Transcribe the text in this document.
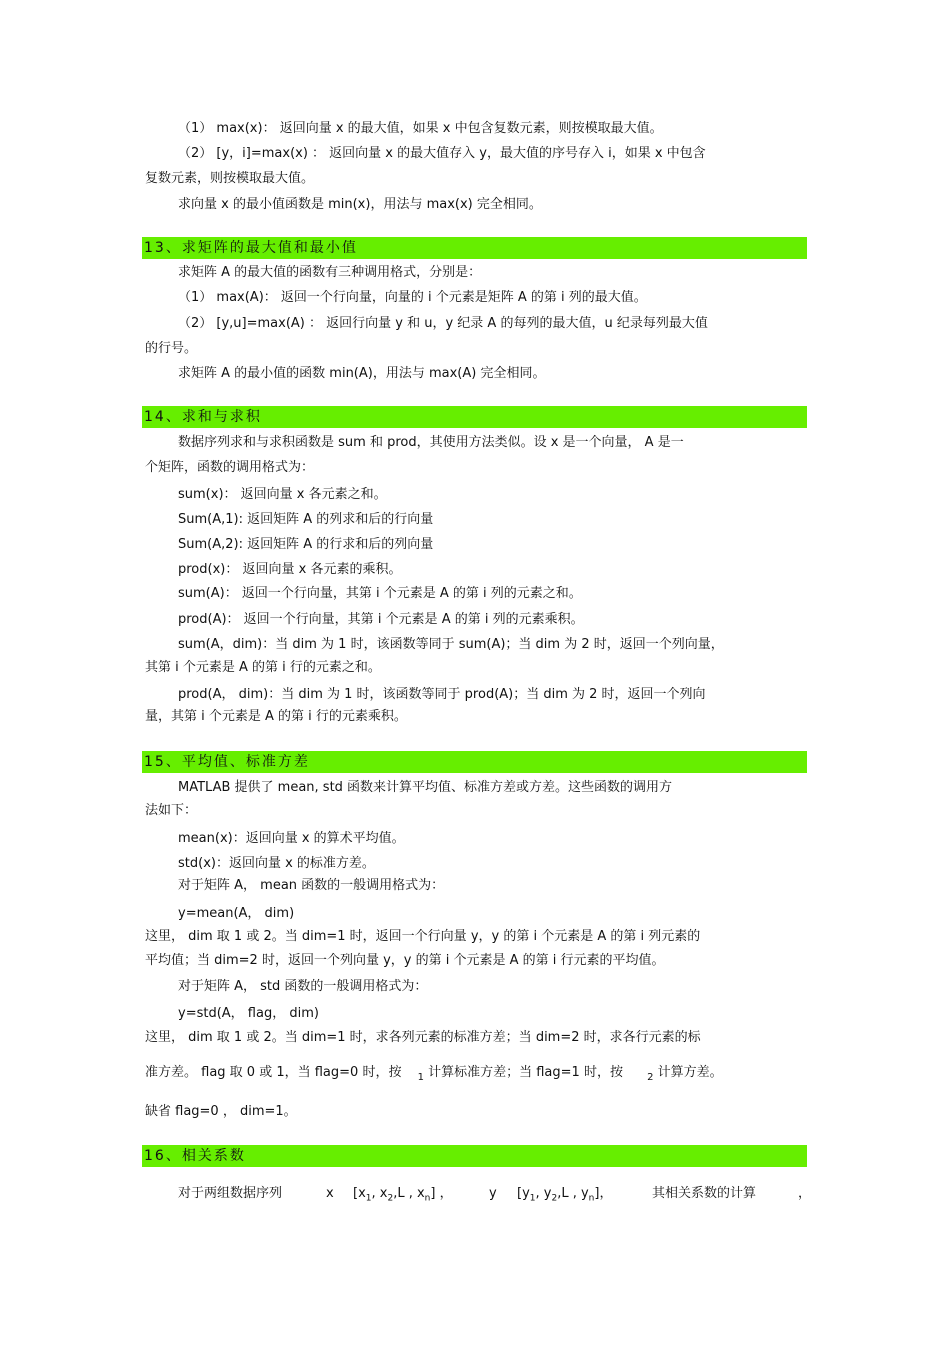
（1） max(x)： 返回向量 x 的最大值，如果 x 中包含复数元素，则按模取最大值。
（2） [y，i]=max(x) ： 返回向量 x 的最大值存入 y，最大值的序号存入 i，如果 x 中包含
复数元素，则按模取最大值。
求向量 x 的最小值函数是 min(x)，用法与 max(x) 完全相同。
13、求矩阵的最大值和最小值
求矩阵 A 的最大值的函数有三种调用格式，分别是：
（1） max(A)： 返回一个行向量，向量的 i 个元素是矩阵 A 的第 i 列的最大值。
（2） [y,u]=max(A) ： 返回行向量 y 和 u，y 纪录 A 的每列的最大值，u 纪录每列最大值
的行号。
求矩阵 A 的最小值的函数 min(A)，用法与 max(A) 完全相同。
14、求和与求积
数据序列求和与求积函数是 sum 和 prod，其使用方法类似。设 x 是一个向量， A 是一
个矩阵，函数的调用格式为：
sum(x)： 返回向量 x 各元素之和。
Sum(A,1): 返回矩阵 A 的列求和后的行向量
Sum(A,2): 返回矩阵 A 的行求和后的列向量
prod(x)： 返回向量 x 各元素的乘积。
sum(A)： 返回一个行向量，其第 i 个元素是 A 的第 i 列的元素之和。
prod(A)： 返回一个行向量，其第 i 个元素是 A 的第 i 列的元素乘积。
sum(A，dim)：当 dim 为 1 时，该函数等同于 sum(A)；当 dim 为 2 时，返回一个列向量，
其第 i 个元素是 A 的第 i 行的元素之和。
prod(A， dim)：当 dim 为 1 时，该函数等同于 prod(A)；当 dim 为 2 时，返回一个列向
量，其第 i 个元素是 A 的第 i 行的元素乘积。
15、平均值、标准方差
MATLAB 提供了 mean, std 函数来计算平均值、标准方差或方差。这些函数的调用方
法如下：
mean(x)：返回向量 x 的算术平均值。
std(x)：返回向量 x 的标准方差。
对于矩阵 A， mean 函数的一般调用格式为：
y=mean(A， dim)
这里， dim 取 1 或 2。当 dim=1 时，返回一个行向量 y，y 的第 i 个元素是 A 的第 i 列元素的
平均值；当 dim=2 时，返回一个列向量 y，y 的第 i 个元素是 A 的第 i 行元素的平均值。
对于矩阵 A， std 函数的一般调用格式为：
y=std(A， flag， dim)
这里， dim 取 1 或 2。当 dim=1 时，求各列元素的标准方差；当 dim=2 时，求各行元素的标
准方差。 flag 取 0 或 1，当 flag=0 时，按 $_1$ 计算标准方差；当 flag=1 时，按 $_2$ 计算方差。
缺省 flag=0 ， dim=1。
16、相关系数
对于两组数据序列	x [$x_1$, $x_2,L$ , $x_n$] ，	y [$y_1$, $y_2,L$ , $y_n$]，	其相关系数的计算	，
